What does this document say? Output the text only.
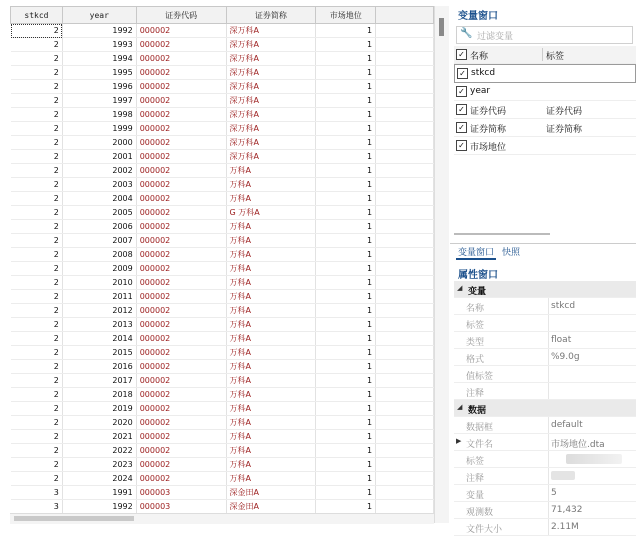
stkcd	year	证券代码	证券简称	市场地位	
2	1992	000002	深万科A	1	
2	1993	000002	深万科A	1	
2	1994	000002	深万科A	1	
2	1995	000002	深万科A	1	
2	1996	000002	深万科A	1	
2	1997	000002	深万科A	1	
2	1998	000002	深万科A	1	
2	1999	000002	深万科A	1	
2	2000	000002	深万科A	1	
2	2001	000002	深万科A	1	
2	2002	000002	万科A	1	
2	2003	000002	万科A	1	
2	2004	000002	万科A	1	
2	2005	000002	G 万科A	1	
2	2006	000002	万科A	1	
2	2007	000002	万科A	1	
2	2008	000002	万科A	1	
2	2009	000002	万科A	1	
2	2010	000002	万科A	1	
2	2011	000002	万科A	1	
2	2012	000002	万科A	1	
2	2013	000002	万科A	1	
2	2014	000002	万科A	1	
2	2015	000002	万科A	1	
2	2016	000002	万科A	1	
2	2017	000002	万科A	1	
2	2018	000002	万科A	1	
2	2019	000002	万科A	1	
2	2020	000002	万科A	1	
2	2021	000002	万科A	1	
2	2022	000002	万科A	1	
2	2023	000002	万科A	1	
2	2024	000002	万科A	1	
3	1991	000003	深金田A	1	
3	1992	000003	深金田A	1	
变量窗口
🔧 过滤变量
✓ 名称	标签
✓ stkcd
✓ year
✓ 证券代码	证券代码
✓ 证券简称	证券简称
✓ 市场地位
变量窗口 快照
属性窗口
◢ 变量
名称	stkcd
标签
类型	float
格式	%9.0g
值标签
注释
◢ 数据
数据框	default
▶ 文件名	市场地位.dta
标签
注释
变量	5
观测数	71,432
文件大小	2.11M
